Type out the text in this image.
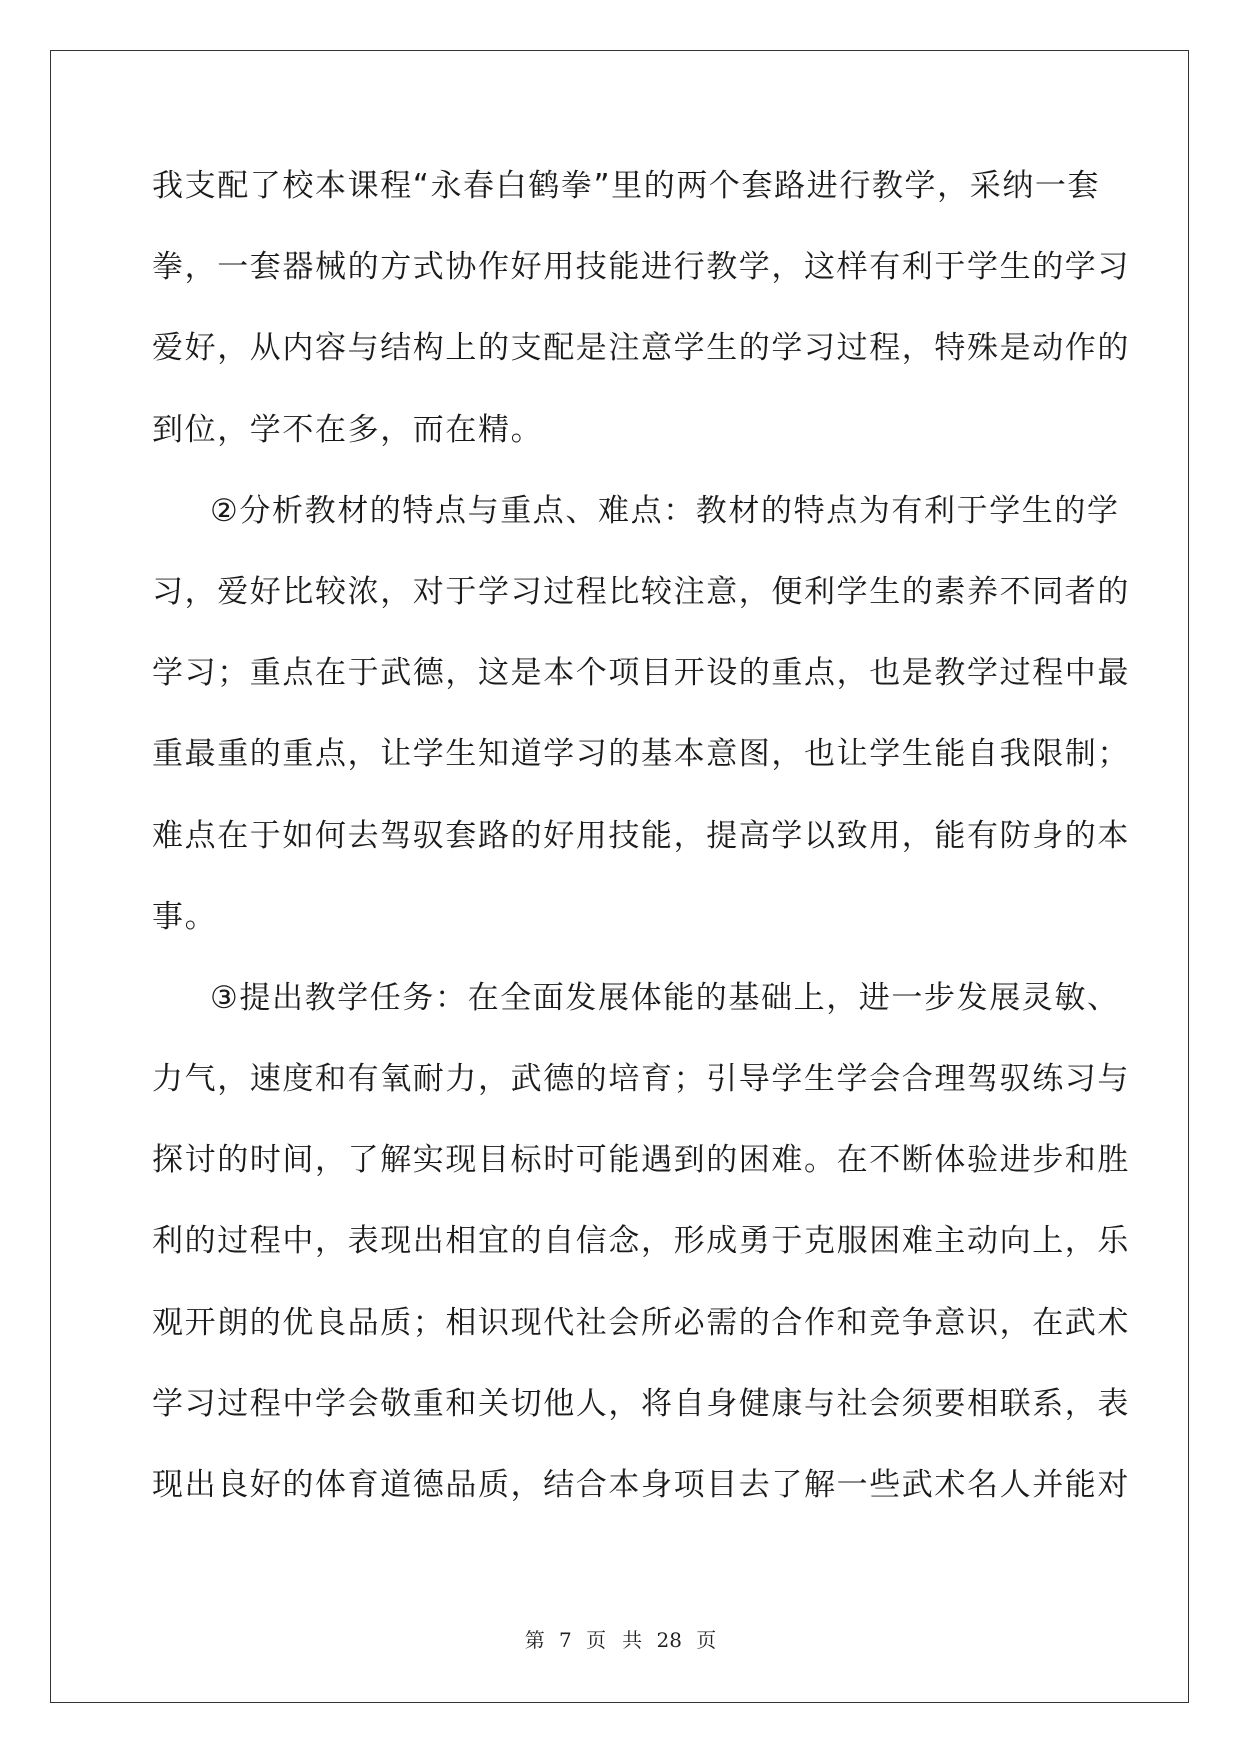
我支配了校本课程“永春白鹤拳”里的两个套路进行教学，采纳一套
拳，一套器械的方式协作好用技能进行教学，这样有利于学生的学习
爱好，从内容与结构上的支配是注意学生的学习过程，特殊是动作的
到位，学不在多，而在精。
②分析教材的特点与重点、难点：教材的特点为有利于学生的学
习，爱好比较浓，对于学习过程比较注意，便利学生的素养不同者的
学习；重点在于武德，这是本个项目开设的重点，也是教学过程中最
重最重的重点，让学生知道学习的基本意图，也让学生能自我限制；
难点在于如何去驾驭套路的好用技能，提高学以致用，能有防身的本
事。
③提出教学任务：在全面发展体能的基础上，进一步发展灵敏、
力气，速度和有氧耐力，武德的培育；引导学生学会合理驾驭练习与
探讨的时间，了解实现目标时可能遇到的困难。在不断体验进步和胜
利的过程中，表现出相宜的自信念，形成勇于克服困难主动向上，乐
观开朗的优良品质；相识现代社会所必需的合作和竞争意识，在武术
学习过程中学会敬重和关切他人，将自身健康与社会须要相联系，表
现出良好的体育道德品质，结合本身项目去了解一些武术名人并能对
第 7 页 共 28 页
